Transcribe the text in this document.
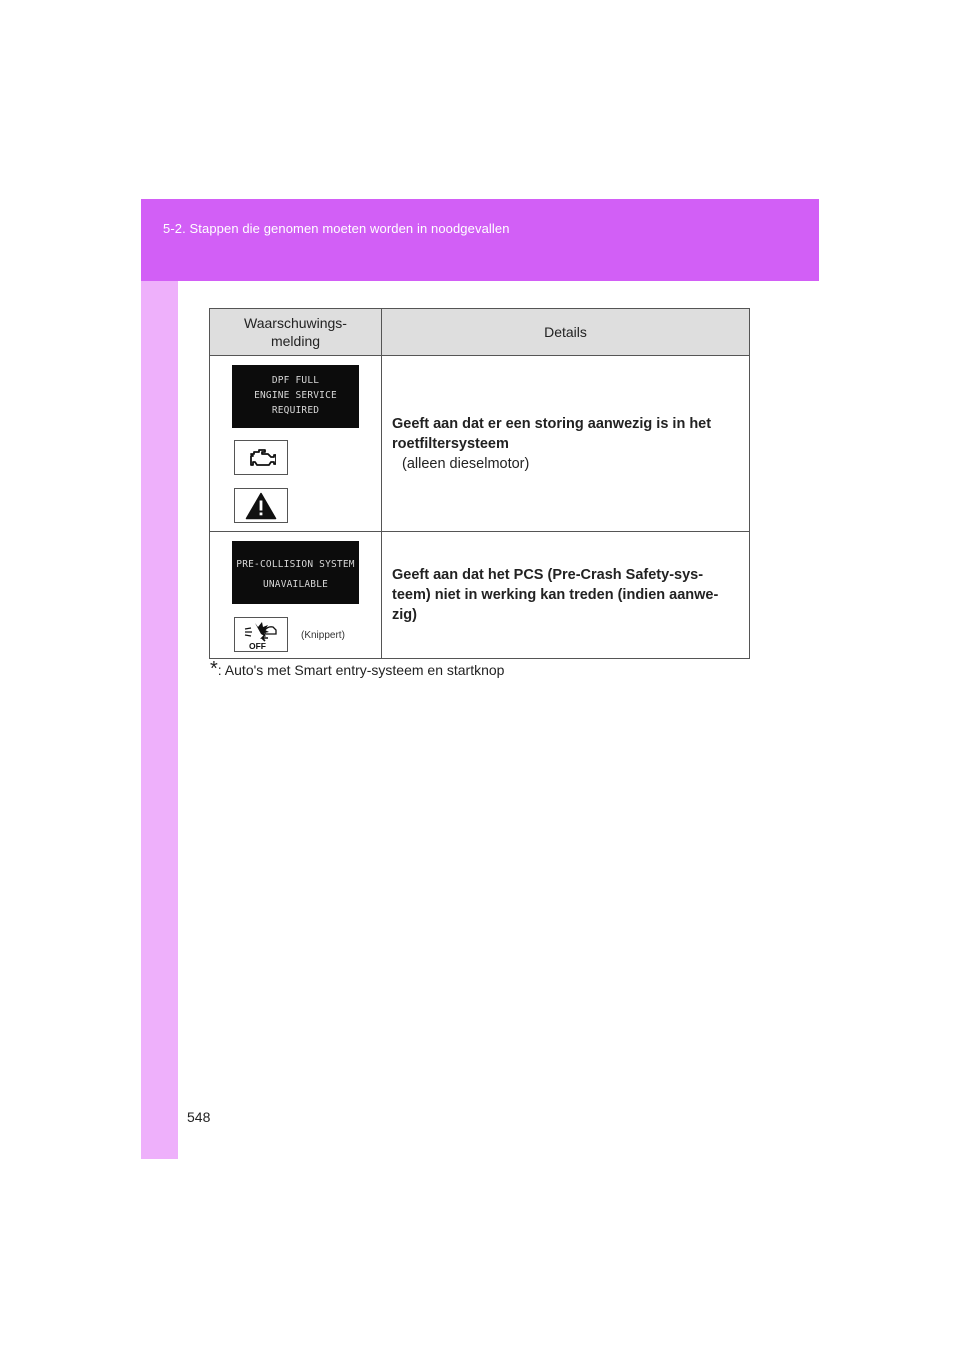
5-2. Stappen die genomen moeten worden in noodgevallen
Waarschuwings-
melding	Details

DPF FULL
ENGINE SERVICE
REQUIRED	Geeft aan dat er een storing aanwezig is in het roetfiltersysteem
(alleen dieselmotor)

PRE-COLLISION SYSTEM
UNAVAILABLE
OFF
(Knippert)	Geeft aan dat het PCS (Pre-Crash Safety-sys-teem) niet in werking kan treden (indien aanwe-zig)
*: Auto's met Smart entry-systeem en startknop
548
